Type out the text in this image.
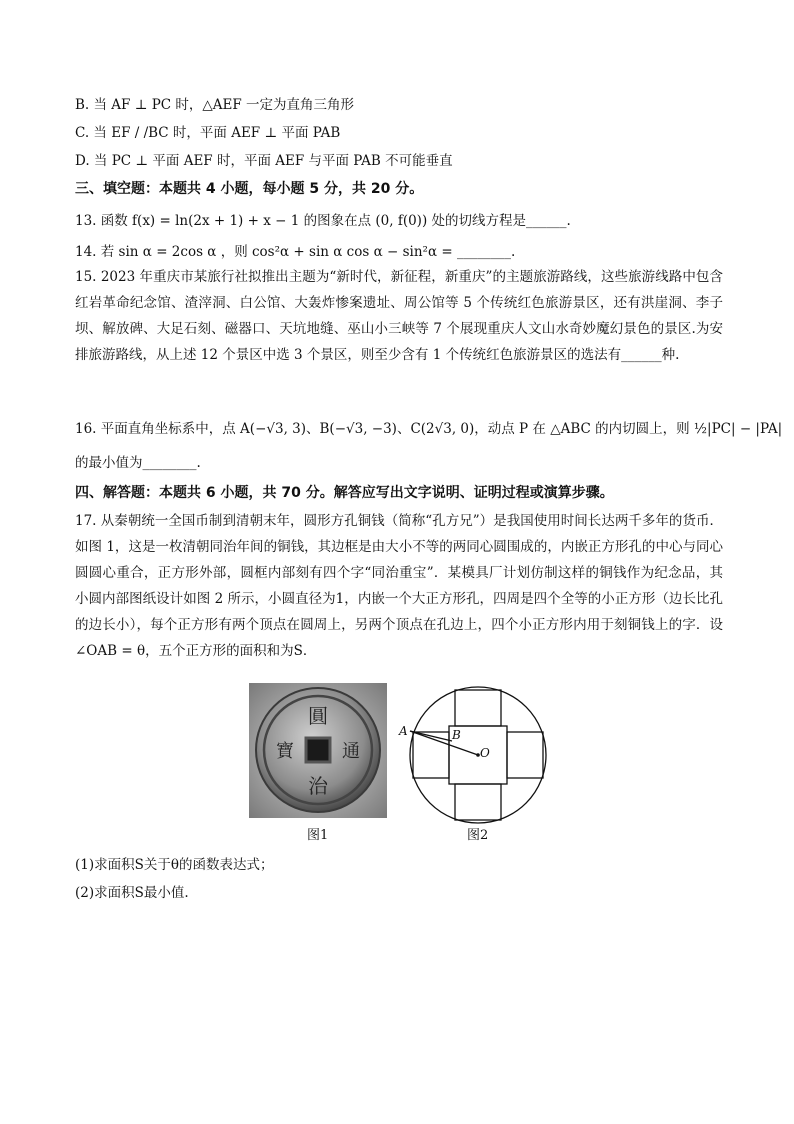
B. 当 AF ⊥ PC 时，△AEF 一定为直角三角形
C. 当 EF / /BC 时，平面 AEF ⊥ 平面 PAB
D. 当 PC ⊥ 平面 AEF 时，平面 AEF 与平面 PAB 不可能垂直
三、填空题：本题共 4 小题，每小题 5 分，共 20 分。
13. 函数 f(x) = ln(2x + 1) + x − 1 的图象在点 (0, f(0)) 处的切线方程是______.
14. 若 sin α = 2cos α ，则 cos²α + sin α cos α − sin²α = ________.
15. 2023 年重庆市某旅行社拟推出主题为“新时代，新征程，新重庆”的主题旅游路线，这些旅游线路中包含红岩革命纪念馆、渣滓洞、白公馆、大轰炸惨案遗址、周公馆等 5 个传统红色旅游景区，还有洪崖洞、李子坝、解放碑、大足石刻、磁器口、天坑地缝、巫山小三峡等 7 个展现重庆人文山水奇妙魔幻景色的景区.为安排旅游路线，从上述 12 个景区中选 3 个景区，则至少含有 1 个传统红色旅游景区的选法有______种.
16. 平面直角坐标系中，点 A(−√3, 3)、B(−√3, −3)、C(2√3, 0)，动点 P 在 △ABC 的内切圆上，则 ½|PC| − |PA|
的最小值为________.
四、解答题：本题共 6 小题，共 70 分。解答应写出文字说明、证明过程或演算步骤。
17. 从秦朝统一全国币制到清朝末年，圆形方孔铜钱（简称“孔方兄”）是我国使用时间长达两千多年的货币．如图 1，这是一枚清朝同治年间的铜钱，其边框是由大小不等的两同心圆围成的，内嵌正方形孔的中心与同心圆圆心重合，正方形外部，圆框内部刻有四个字“同治重宝”．某模具厂计划仿制这样的铜钱作为纪念品，其小圆内部图纸设计如图 2 所示，小圆直径为1，内嵌一个大正方形孔，四周是四个全等的小正方形（边长比孔的边长小），每个正方形有两个顶点在圆周上，另两个顶点在孔边上，四个小正方形内用于刻铜钱上的字．设 ∠OAB = θ，五个正方形的面积和为S．
圓
通
治
寶
图1
A	B
O
图2
(1)求面积S关于θ的函数表达式；
(2)求面积S最小值.
